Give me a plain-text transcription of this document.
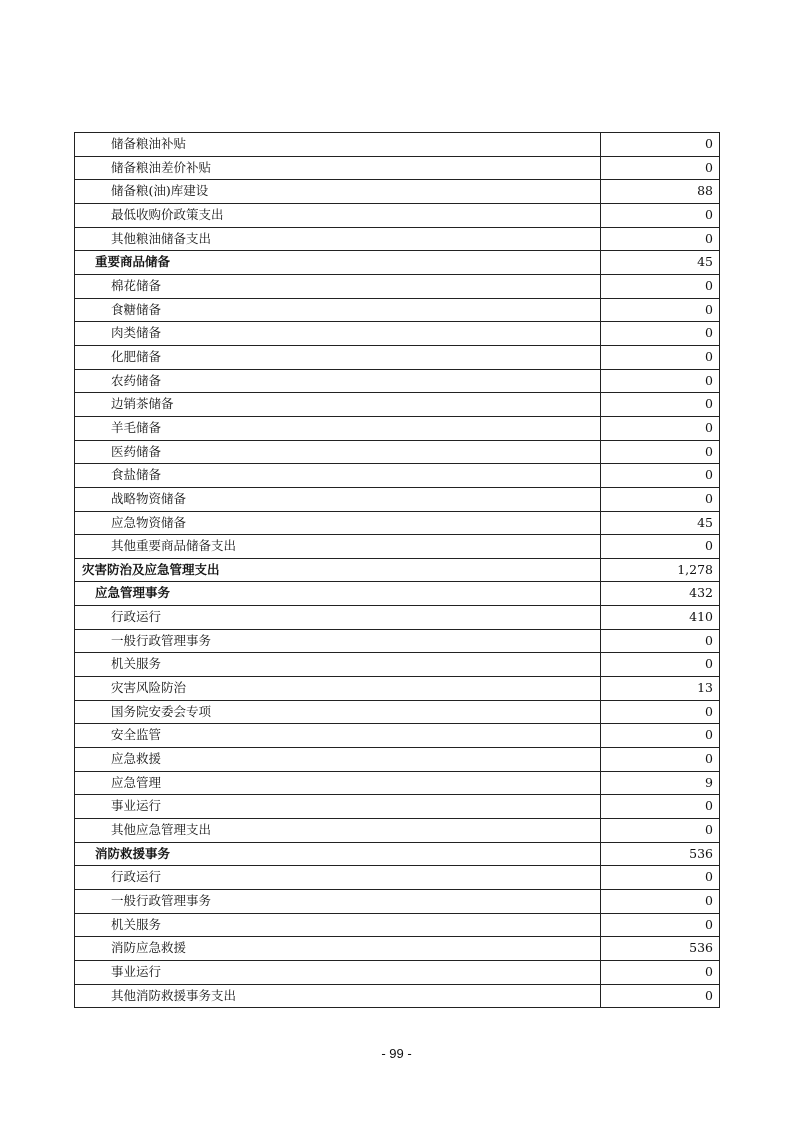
储备粮油补贴	0
储备粮油差价补贴	0
储备粮(油)库建设	88
最低收购价政策支出	0
其他粮油储备支出	0
重要商品储备	45
棉花储备	0
食糖储备	0
肉类储备	0
化肥储备	0
农药储备	0
边销茶储备	0
羊毛储备	0
医药储备	0
食盐储备	0
战略物资储备	0
应急物资储备	45
其他重要商品储备支出	0
灾害防治及应急管理支出	1,278
应急管理事务	432
行政运行	410
一般行政管理事务	0
机关服务	0
灾害风险防治	13
国务院安委会专项	0
安全监管	0
应急救援	0
应急管理	9
事业运行	0
其他应急管理支出	0
消防救援事务	536
行政运行	0
一般行政管理事务	0
机关服务	0
消防应急救援	536
事业运行	0
其他消防救援事务支出	0
- 99 -
